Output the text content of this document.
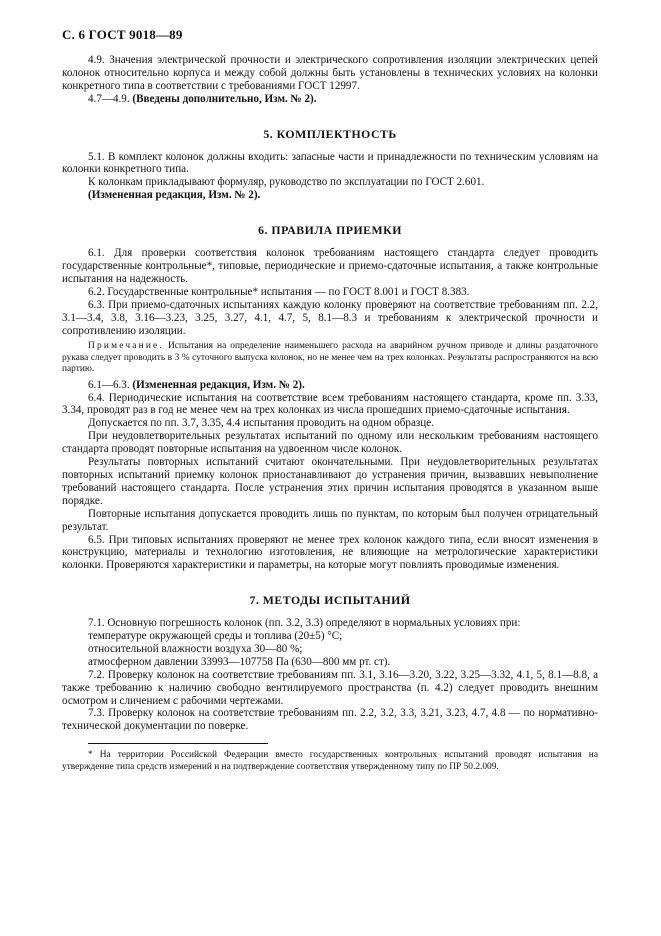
С. 6 ГОСТ 9018—89

4.9. Значения электрической прочности и электрического сопротивления изоляции электрических цепей колонок относительно корпуса и между собой должны быть установлены в технических условиях на колонки конкретного типа в соответствии с требованиями ГОСТ 12997.

4.7—4.9. (Введены дополнительно, Изм. № 2).

5. КОМПЛЕКТНОСТЬ

5.1. В комплект колонок должны входить: запасные части и принадлежности по техническим условиям на колонки конкретного типа.

К колонкам прикладывают формуляр, руководство по эксплуатации по ГОСТ 2.601.

(Измененная редакция, Изм. № 2).

6. ПРАВИЛА ПРИЕМКИ

6.1. Для проверки соответствия колонок требованиям настоящего стандарта следует проводить государственные контрольные*, типовые, периодические и приемо-сдаточные испытания, а также контрольные испытания на надежность.

6.2. Государственные контрольные* испытания — по ГОСТ 8.001 и ГОСТ 8.383.

6.3. При приемо-сдаточных испытаниях каждую колонку проверяют на соответствие требованиям пп. 2.2, 3.1—3.4, 3.8, 3.16—3.23, 3.25, 3.27, 4.1, 4.7, 5, 8.1—8.3 и требованиям к электрической прочности и сопротивлению изоляции.

Примечание. Испытания на определение наименьшего расхода на аварийном ручном приводе и длины раздаточного рукава следует проводить в 3 % суточного выпуска колонок, но не менее чем на трех колонках. Результаты распространяются на всю партию.

6.1—6.3. (Измененная редакция, Изм. № 2).

6.4. Периодические испытания на соответствие всем требованиям настоящего стандарта, кроме пп. 3.33, 3.34, проводят раз в год не менее чем на трех колонках из числа прошедших приемо-сдаточные испытания.

Допускается по пп. 3.7, 3.35, 4.4 испытания проводить на одном образце.

При неудовлетворительных результатах испытаний по одному или нескольким требованиям настоящего стандарта проводят повторные испытания на удвоенном числе колонок.

Результаты повторных испытаний считают окончательными. При неудовлетворительных результатах повторных испытаний приемку колонок приостанавливают до устранения причин, вызвавших невыполнение требований настоящего стандарта. После устранения этих причин испытания проводятся в указанном выше порядке.

Повторные испытания допускается проводить лишь по пунктам, по которым был получен отрицательный результат.

6.5. При типовых испытаниях проверяют не менее трех колонок каждого типа, если вносят изменения в конструкцию, материалы и технологию изготовления, не влияющие на метрологические характеристики колонки. Проверяются характеристики и параметры, на которые могут повлиять проводимые изменения.

7. МЕТОДЫ ИСПЫТАНИЙ

7.1. Основную погрешность колонок (пп. 3.2, 3.3) определяют в нормальных условиях при:

температуре окружающей среды и топлива (20±5) °С;

относительной влажности воздуха 30—80 %;

атмосферном давлении 33993—107758 Па (630—800 мм рт. ст).

7.2. Проверку колонок на соответствие требованиям пп. 3.1, 3.16—3.20, 3.22, 3.25—3.32, 4.1, 5, 8.1—8.8, а также требованию к наличию свободно вентилируемого пространства (п. 4.2) следует проводить внешним осмотром и сличением с рабочими чертежами.

7.3. Проверку колонок на соответствие требованиям пп. 2.2, 3.2, 3.3, 3.21, 3.23, 4.7, 4.8 — по нормативно-технической документации по поверке.

* На территории Российской Федерации вместо государственных контрольных испытаний проводят испытания на утверждение типа средств измерений и на подтверждение соответствия утвержденному типу по ПР 50.2.009.
